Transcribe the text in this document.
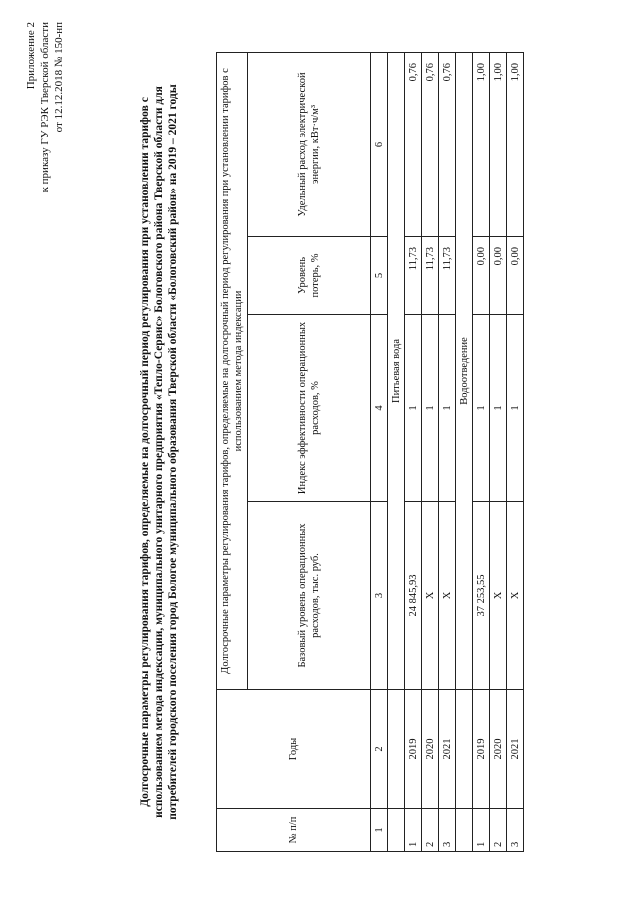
Приложение 2 к приказу ГУ РЭК Тверской области от 12.12.2018 № 150-нп
Долгосрочные параметры регулирования тарифов, определяемые на долгосрочный период регулирования при установлении тарифов с использованием метода индексации, муниципального унитарного предприятия «Тепло-Сервис» Бологовского района Тверской области для потребителей городского поселения город Бологое муниципального образования Тверской области «Бологовский район» на 2019 – 2021 годы
№ п/п	Годы	Долгосрочные параметры регулирования тарифов, определяемые на долгосрочный период регулирования при установлении тарифов с использованием метода индексации			
		Базовый уровень операционных расходов, тыс. руб.	Индекс эффективности операционных расходов, %	Уровень потерь, %	Удельный расход электрической энергии, кВт·ч/м³
1	2	3	4	5	6
		Питьевая вода			
1	2019	24 845,93	1	11,73	0,76
2	2020	Х	1	11,73	0,76
3	2021	Х	1	11,73	0,76
		Водоотведение			
1	2019	37 253,55	1	0,00	1,00
2	2020	Х	1	0,00	1,00
3	2021	Х	1	0,00	1,00
